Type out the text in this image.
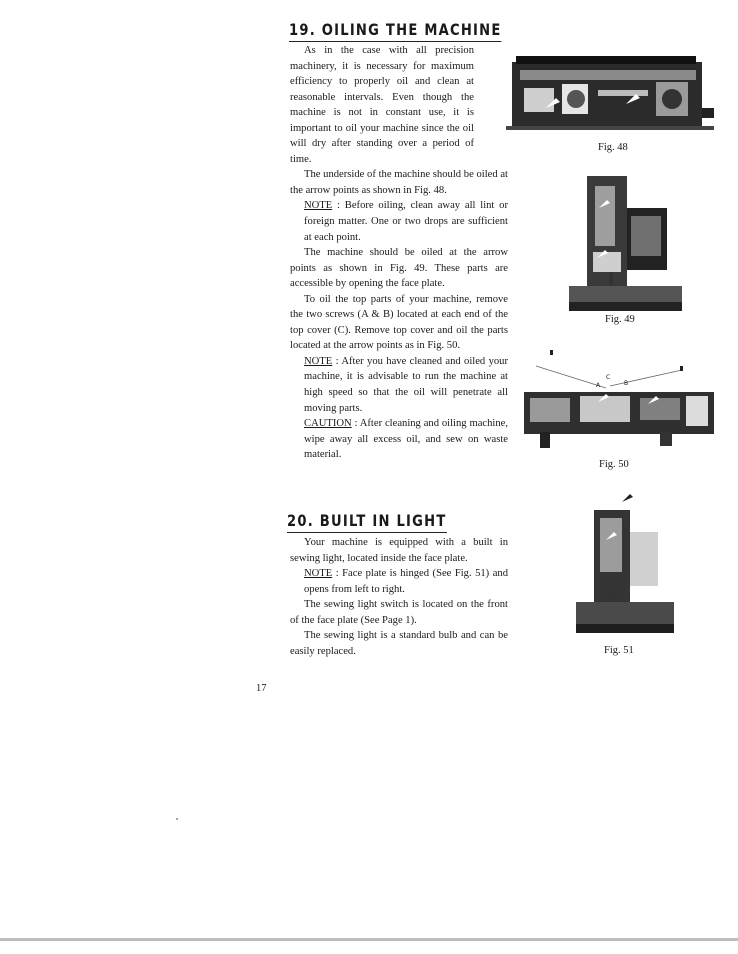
19. OILING THE MACHINE

As in the case with all precision machinery, it is necessary for maximum efficiency to properly oil and clean at reasonable intervals. Even though the machine is not in constant use, it is important to oil your machine since the oil will dry after standing over a period of time.

The underside of the machine should be oiled at the arrow points as shown in Fig. 48.

NOTE : Before oiling, clean away all lint or foreign matter. One or two drops are sufficient at each point.

The machine should be oiled at the arrow points as shown in Fig. 49. These parts are accessible by opening the face plate.

To oil the top parts of your machine, remove the two screws (A & B) located at each end of the top cover (C). Remove top cover and oil the parts located at the arrow points as in Fig. 50.

NOTE : After you have cleaned and oiled your machine, it is advisable to run the machine at high speed so that the oil will penetrate all moving parts.

CAUTION : After cleaning and oiling machine, wipe away all excess oil, and sew on waste material.

20. BUILT IN LIGHT

Your machine is equipped with a built in sewing light, located inside the face plate.

NOTE : Face plate is hinged (See Fig. 51) and opens from left to right.

The sewing light switch is located on the front of the face plate (See Page 1).

The sewing light is a standard bulb and can be easily replaced.

Fig. 48
Fig. 49
A	B
C
Fig. 50
Fig. 51
17
